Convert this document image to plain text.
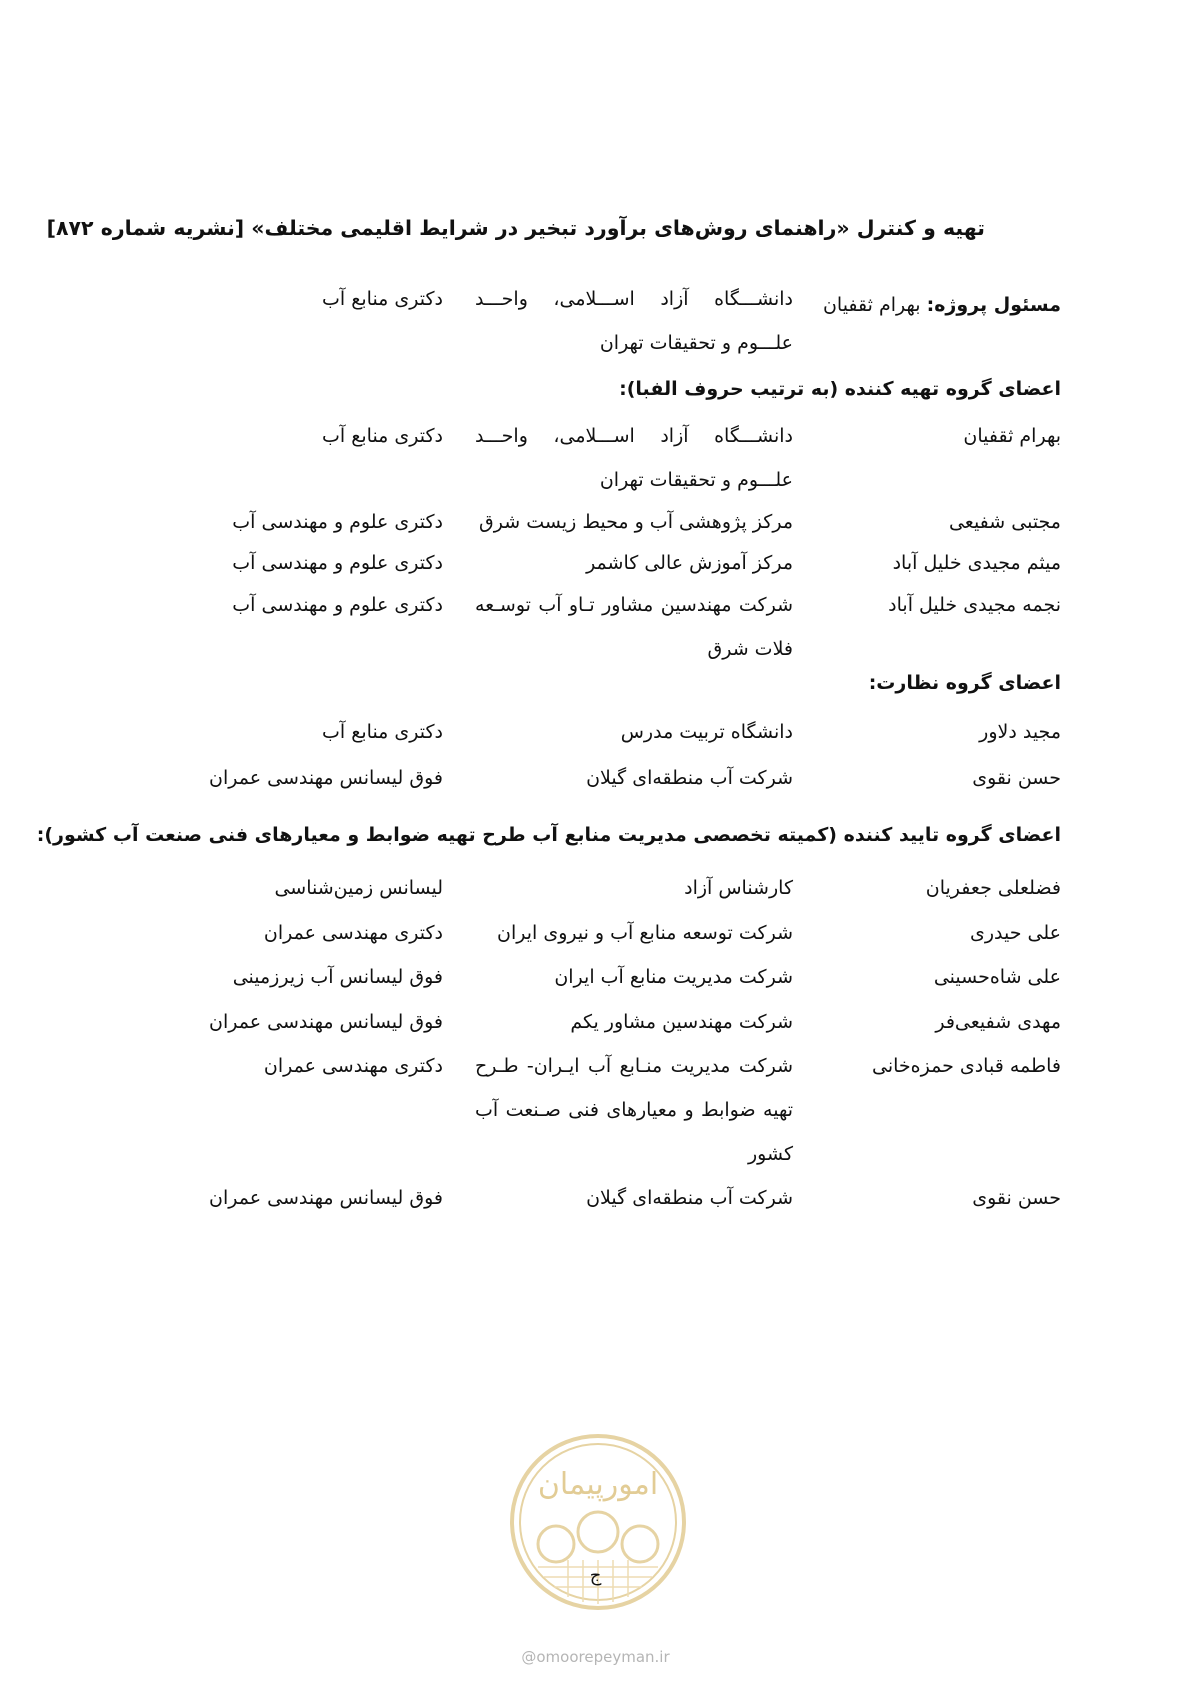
تهیه و کنترل «راهنمای روش‌های برآورد تبخیر در شرایط اقلیمی مختلف» [نشریه شماره ۸۷۲]
مسئول پروژه: بهرام ثقفیان
دانشـــگاه آزاد اســـلامی، واحـــد علـــوم و تحقیقات تهران
دکتری منابع آب
اعضای گروه تهیه کننده (به ترتیب حروف الفبا):
بهرام ثقفیان
دانشـــگاه آزاد اســـلامی، واحـــد علـــوم و تحقیقات تهران
دکتری منابع آب
مجتبی شفیعی
مرکز پژوهشی آب و محیط زیست شرق
دکتری علوم و مهندسی آب
میثم مجیدی خلیل آباد
مرکز آموزش عالی کاشمر
دکتری علوم و مهندسی آب
نجمه مجیدی خلیل آباد
شرکت مهندسین مشاور تـاو آب توسـعه فلات شرق
دکتری علوم و مهندسی آب
اعضای گروه نظارت:
مجید دلاور
دانشگاه تربیت مدرس
دکتری منابع آب
حسن نقوی
شرکت آب منطقه‌ای گیلان
فوق لیسانس مهندسی عمران
اعضای گروه تایید کننده (کمیته تخصصی مدیریت منابع آب طرح تهیه ضوابط و معیارهای فنی صنعت آب کشور):
فضلعلی جعفریان
کارشناس آزاد
لیسانس زمین‌شناسی
علی حیدری
شرکت توسعه منابع آب و نیروی ایران
دکتری مهندسی عمران
علی شاه‌حسینی
شرکت مدیریت منابع آب ایران
فوق لیسانس آب زیرزمینی
مهدی شفیعی‌فر
شرکت مهندسین مشاور یکم
فوق لیسانس مهندسی عمران
فاطمه قبادی حمزه‌خانی
شرکت مدیریت منـابع آب ایـران- طـرح تهیه ضوابط و معیارهای فنی صـنعت آب کشور
دکتری مهندسی عمران
حسن نقوی
شرکت آب منطقه‌ای گیلان
فوق لیسانس مهندسی عمران
امورپیمان
ج
@omoorepeyman.ir
